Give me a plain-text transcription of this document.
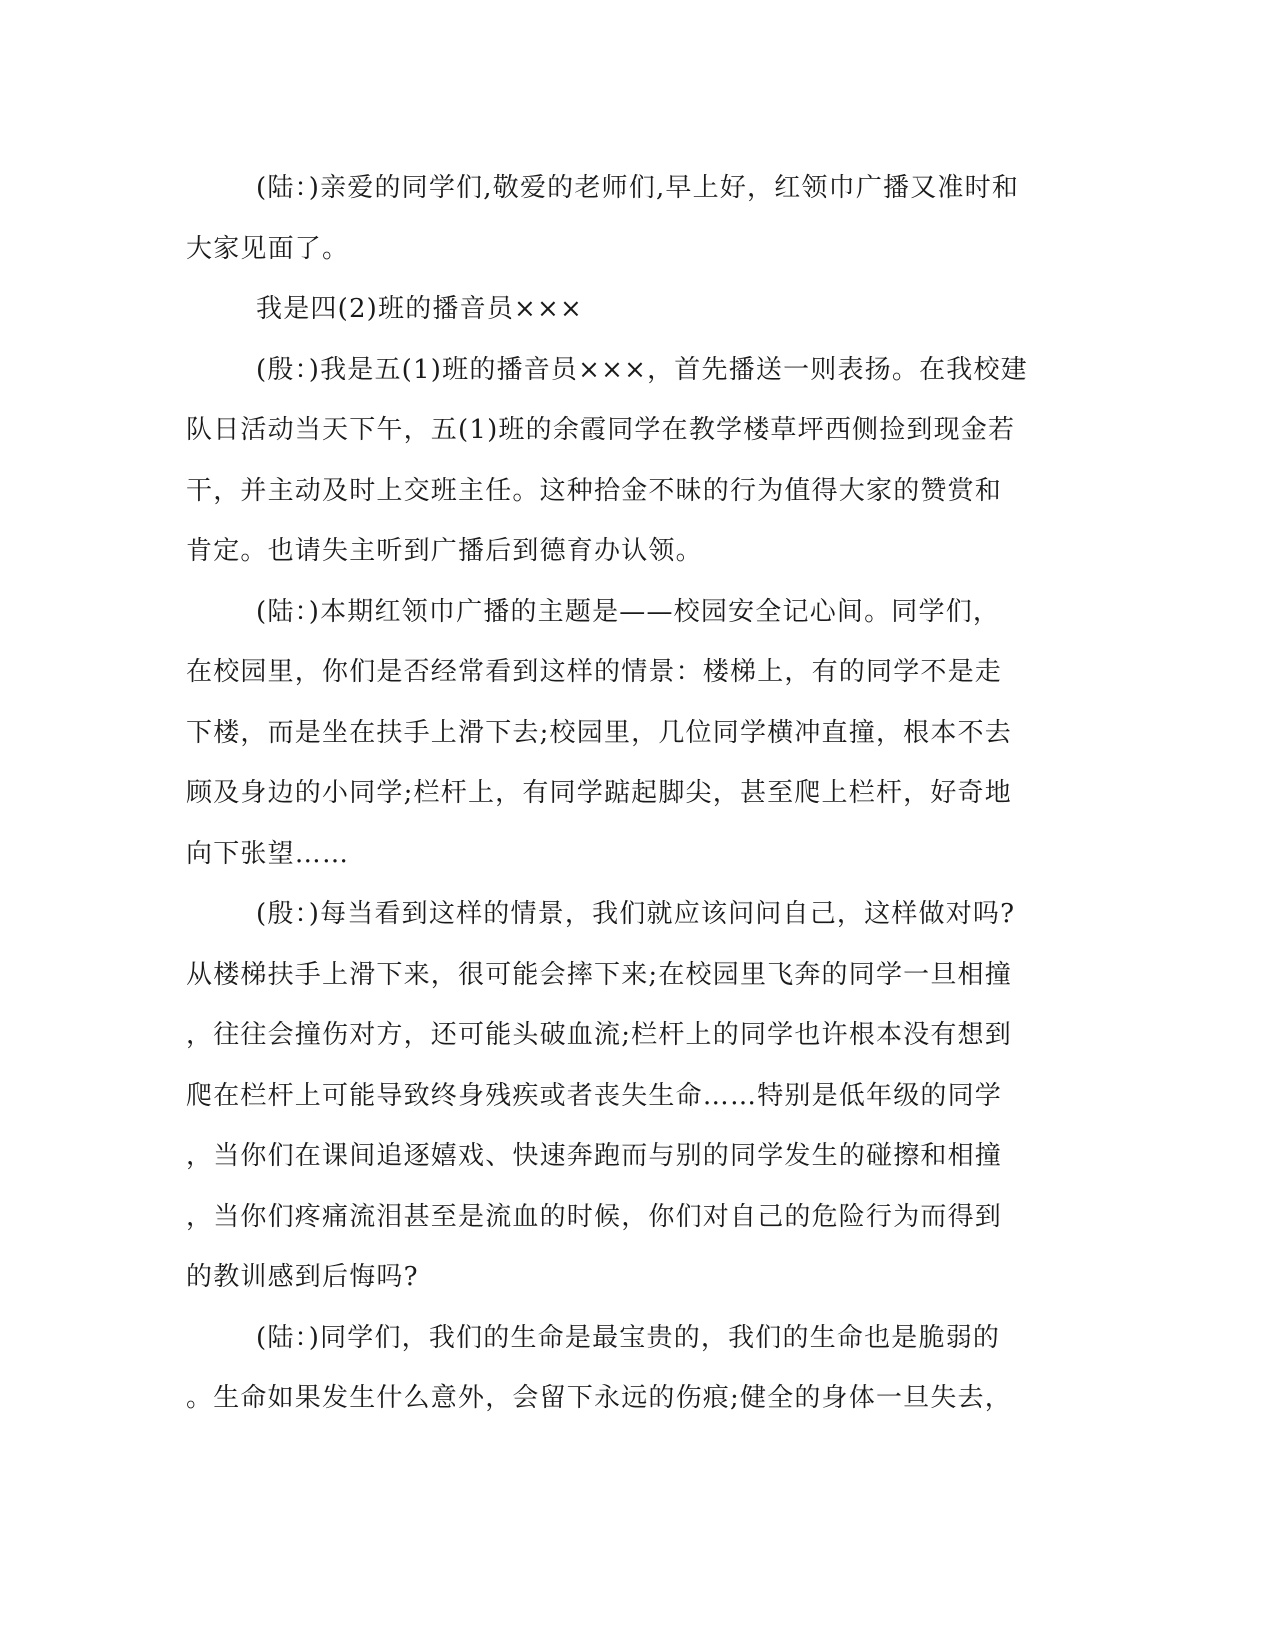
(陆：)亲爱的同学们,敬爱的老师们,早上好，红领巾广播又准时和
大家见面了。
我是四(2)班的播音员×××
(殷：)我是五(1)班的播音员×××，首先播送一则表扬。在我校建
队日活动当天下午，五(1)班的余霞同学在教学楼草坪西侧捡到现金若
干，并主动及时上交班主任。这种拾金不昧的行为值得大家的赞赏和
肯定。也请失主听到广播后到德育办认领。
(陆：)本期红领巾广播的主题是——校园安全记心间。同学们，
在校园里，你们是否经常看到这样的情景：楼梯上，有的同学不是走
下楼，而是坐在扶手上滑下去;校园里，几位同学横冲直撞，根本不去
顾及身边的小同学;栏杆上，有同学踮起脚尖，甚至爬上栏杆，好奇地
向下张望……
(殷：)每当看到这样的情景，我们就应该问问自己，这样做对吗?
从楼梯扶手上滑下来，很可能会摔下来;在校园里飞奔的同学一旦相撞
，往往会撞伤对方，还可能头破血流;栏杆上的同学也许根本没有想到
爬在栏杆上可能导致终身残疾或者丧失生命……特别是低年级的同学
，当你们在课间追逐嬉戏、快速奔跑而与别的同学发生的碰擦和相撞
，当你们疼痛流泪甚至是流血的时候，你们对自己的危险行为而得到
的教训感到后悔吗?
(陆：)同学们，我们的生命是最宝贵的，我们的生命也是脆弱的
。生命如果发生什么意外，会留下永远的伤痕;健全的身体一旦失去，
